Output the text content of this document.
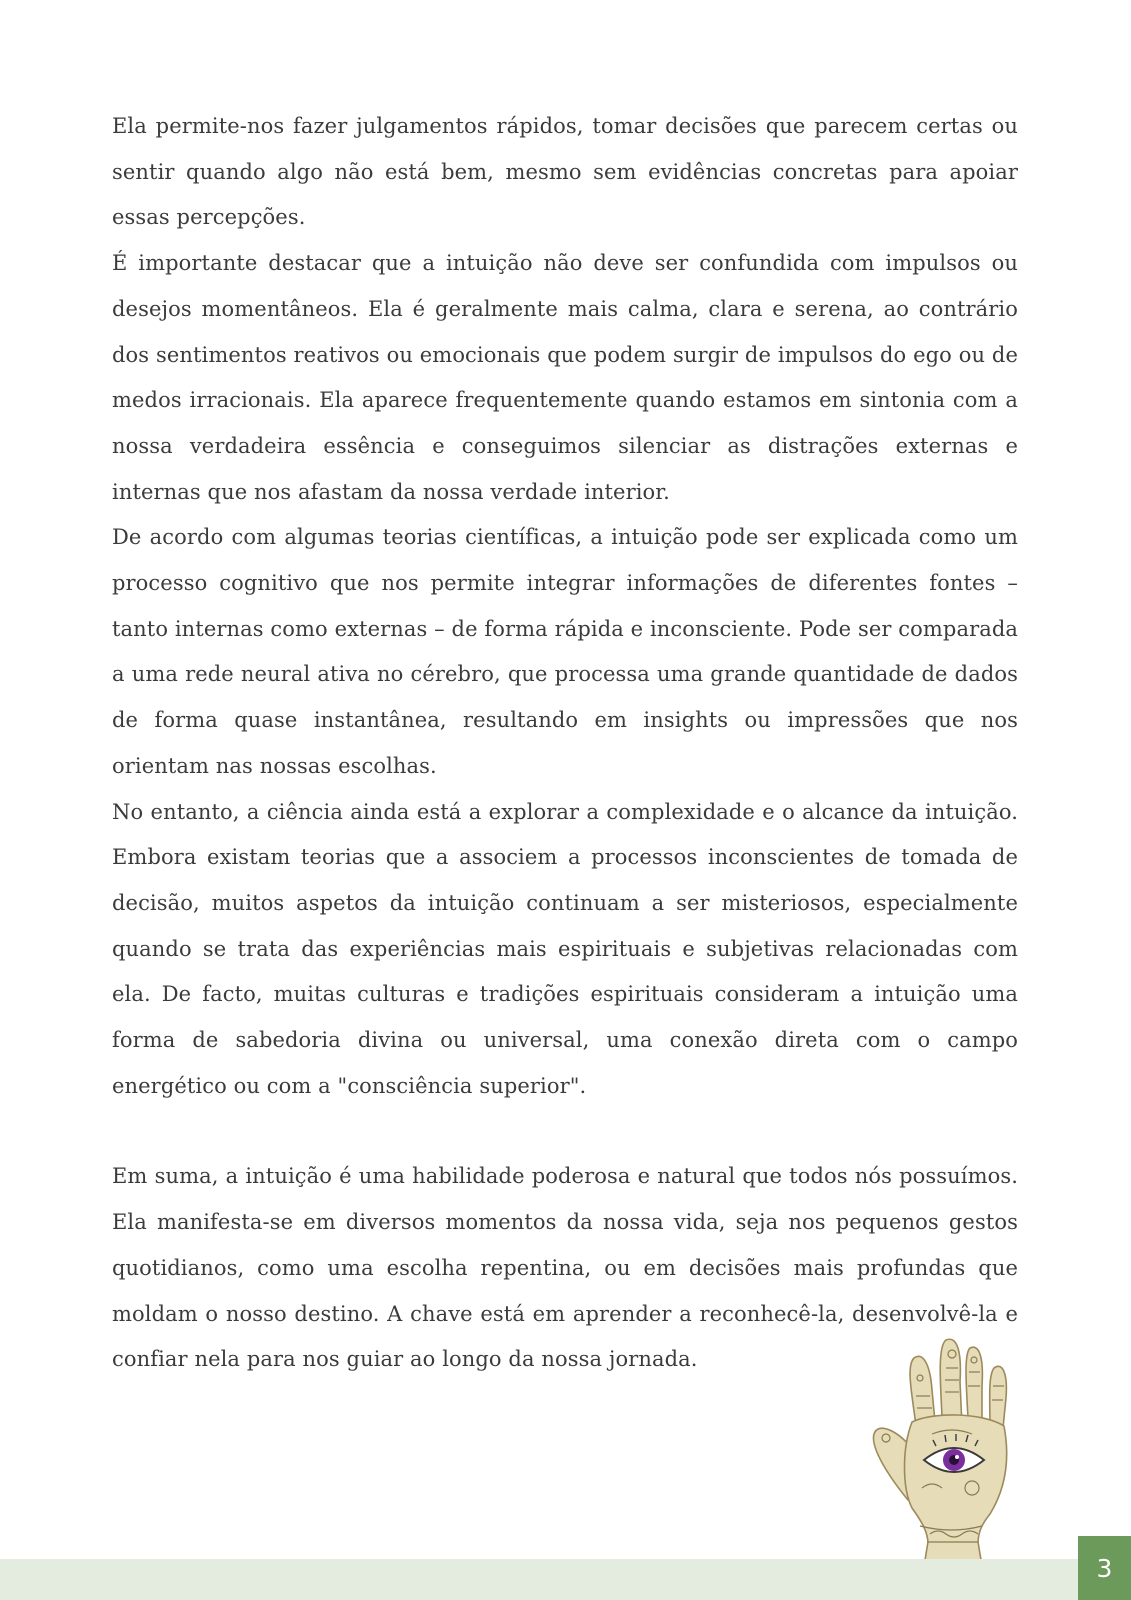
Ela permite-nos fazer julgamentos rápidos, tomar decisões que parecem certas ou sentir quando algo não está bem, mesmo sem evidências concretas para apoiar essas percepções.

É importante destacar que a intuição não deve ser confundida com impulsos ou desejos momentâneos. Ela é geralmente mais calma, clara e serena, ao contrário dos sentimentos reativos ou emocionais que podem surgir de impulsos do ego ou de medos irracionais. Ela aparece frequentemente quando estamos em sintonia com a nossa verdadeira essência e conseguimos silenciar as distrações externas e internas que nos afastam da nossa verdade interior.

De acordo com algumas teorias científicas, a intuição pode ser explicada como um processo cognitivo que nos permite integrar informações de diferentes fontes – tanto internas como externas – de forma rápida e inconsciente. Pode ser comparada a uma rede neural ativa no cérebro, que processa uma grande quantidade de dados de forma quase instantânea, resultando em insights ou impressões que nos orientam nas nossas escolhas.

No entanto, a ciência ainda está a explorar a complexidade e o alcance da intuição. Embora existam teorias que a associem a processos inconscientes de tomada de decisão, muitos aspetos da intuição continuam a ser misteriosos, especialmente quando se trata das experiências mais espirituais e subjetivas relacionadas com ela. De facto, muitas culturas e tradições espirituais consideram a intuição uma forma de sabedoria divina ou universal, uma conexão direta com o campo energético ou com a "consciência superior".

Em suma, a intuição é uma habilidade poderosa e natural que todos nós possuímos. Ela manifesta-se em diversos momentos da nossa vida, seja nos pequenos gestos quotidianos, como uma escolha repentina, ou em decisões mais profundas que moldam o nosso destino. A chave está em aprender a reconhecê-la, desenvolvê-la e confiar nela para nos guiar ao longo da nossa jornada.

3
